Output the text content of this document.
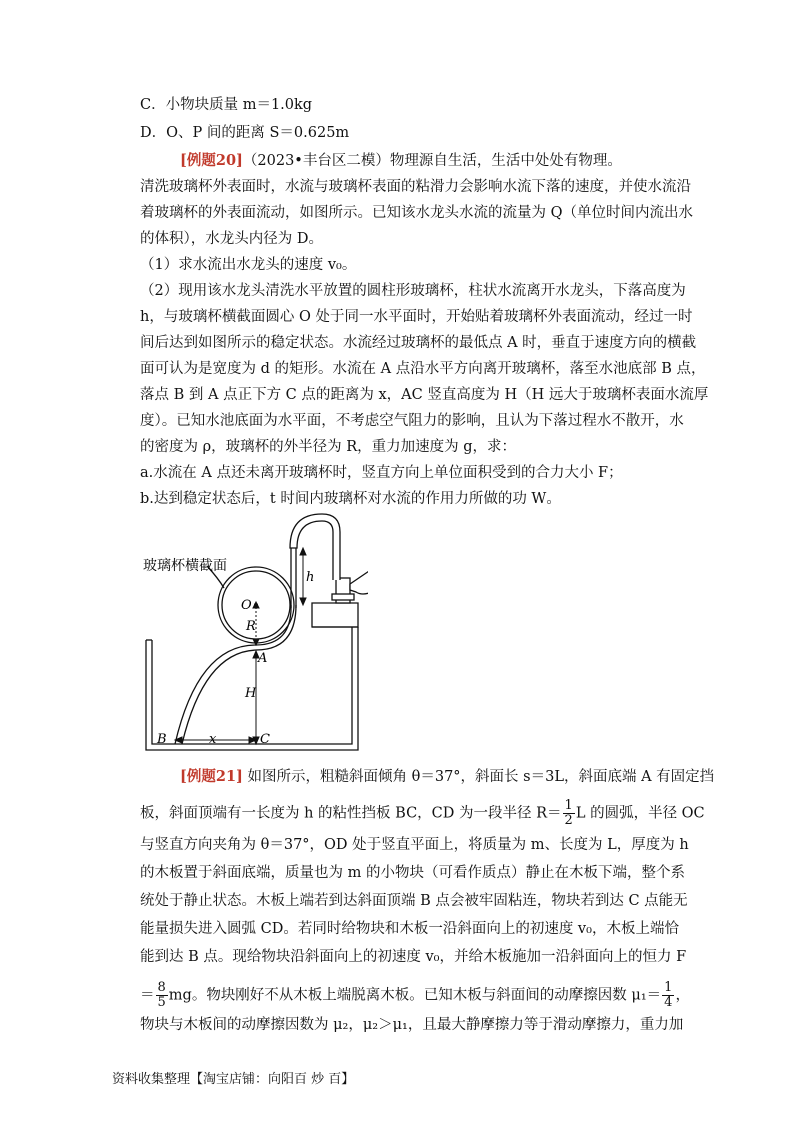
C．小物块质量 m＝1.0kg
D．O、P 间的距离 S＝0.625m
[例题20]（2023•丰台区二模）物理源自生活，生活中处处有物理。
清洗玻璃杯外表面时，水流与玻璃杯表面的粘滑力会影响水流下落的速度，并使水流沿
着玻璃杯的外表面流动，如图所示。已知该水龙头水流的流量为 Q（单位时间内流出水
的体积），水龙头内径为 D。
（1）求水流出水龙头的速度 v₀。
（2）现用该水龙头清洗水平放置的圆柱形玻璃杯，柱状水流离开水龙头，下落高度为
h，与玻璃杯横截面圆心 O 处于同一水平面时，开始贴着玻璃杯外表面流动，经过一时
间后达到如图所示的稳定状态。水流经过玻璃杯的最低点 A 时，垂直于速度方向的横截
面可认为是宽度为 d 的矩形。水流在 A 点沿水平方向离开玻璃杯，落至水池底部 B 点，
落点 B 到 A 点正下方 C 点的距离为 x，AC 竖直高度为 H（H 远大于玻璃杯表面水流厚
度）。已知水池底面为水平面，不考虑空气阻力的影响，且认为下落过程水不散开，水
的密度为 ρ，玻璃杯的外半径为 R，重力加速度为 g，求：
a.水流在 A 点还未离开玻璃杯时，竖直方向上单位面积受到的合力大小 F；
b.达到稳定状态后，t 时间内玻璃杯对水流的作用力所做的功 W。
玻璃杯横截面
O
R
A
H
h
B	C
x
[例题21] 如图所示，粗糙斜面倾角 θ＝37°，斜面长 s＝3L，斜面底端 A 有固定挡
板，斜面顶端有一长度为 h 的粘性挡板 BC，CD 为一段半径 $R= \frac{1}{2}$ L 的圆弧，半径 OC
与竖直方向夹角为 θ＝37°，OD 处于竖直平面上，将质量为 m、长度为 L，厚度为 h
的木板置于斜面底端，质量也为 m 的小物块（可看作质点）静止在木板下端，整个系
统处于静止状态。木板上端若到达斜面顶端 B 点会被牢固粘连，物块若到达 C 点能无
能量损失进入圆弧 CD。若同时给物块和木板一沿斜面向上的初速度 v₀，木板上端恰
能到达 B 点。现给物块沿斜面向上的初速度 v₀，并给木板施加一沿斜面向上的恒力 F
＝ $\frac{8}{5}$ mg。物块刚好不从木板上端脱离木板。已知木板与斜面间的动摩擦因数 $\mu_1= \frac{1}{4}$ ，
物块与木板间的动摩擦因数为 μ₂，μ₂＞μ₁，且最大静摩擦力等于滑动摩擦力，重力加
资料收集整理【淘宝店铺：向阳百 炒 百】
